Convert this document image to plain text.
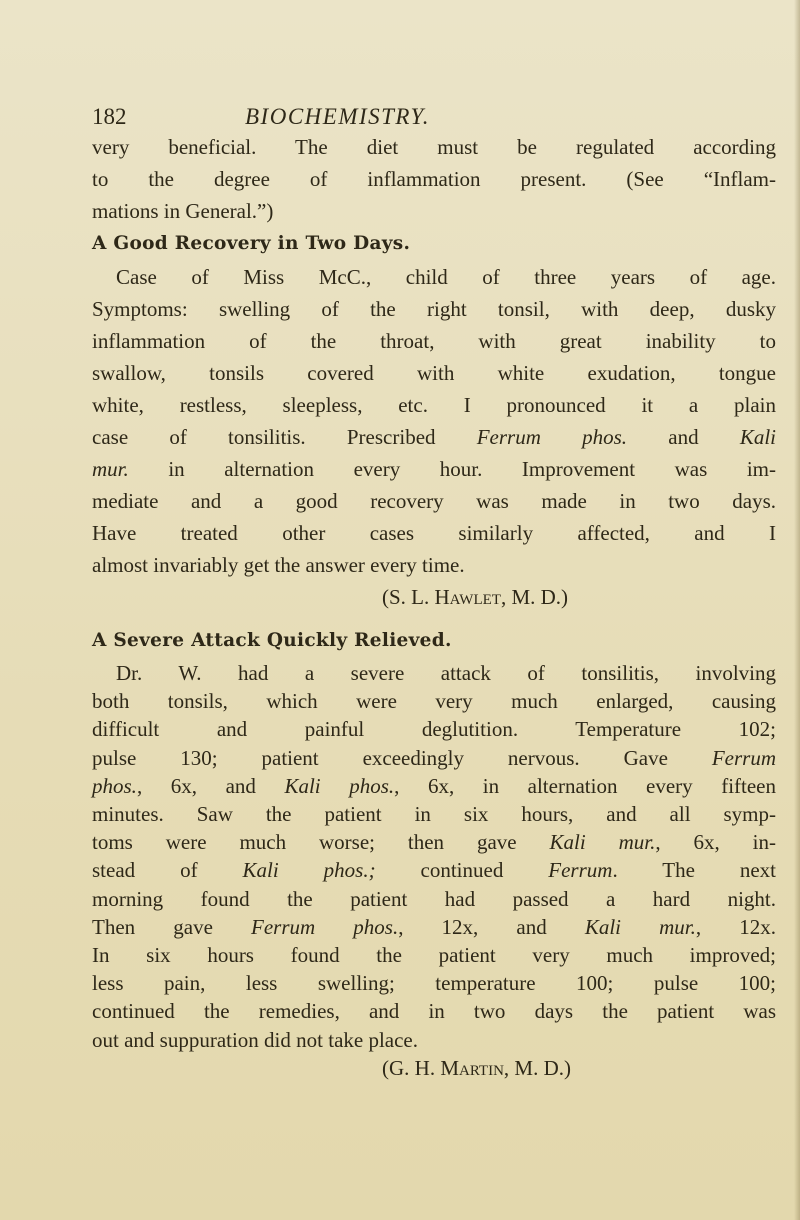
182	BIOCHEMISTRY.
very beneficial. The diet must be regulated according
to the degree of inflammation present. (See “Inflam-
mations in General.”)
A Good Recovery in Two Days.
Case of Miss McC., child of three years of age.
Symptoms: swelling of the right tonsil, with deep, dusky
inflammation of the throat, with great inability to
swallow, tonsils covered with white exudation, tongue
white, restless, sleepless, etc. I pronounced it a plain
case of tonsilitis. Prescribed Ferrum phos. and Kali
mur. in alternation every hour. Improvement was im-
mediate and a good recovery was made in two days.
Have treated other cases similarly affected, and I
almost invariably get the answer every time.
(S. L. Hawlet, M. D.)
A Severe Attack Quickly Relieved.
Dr. W. had a severe attack of tonsilitis, involving
both tonsils, which were very much enlarged, causing
difficult and painful deglutition. Temperature 102;
pulse 130; patient exceedingly nervous. Gave Ferrum
phos., 6x, and Kali phos., 6x, in alternation every fifteen
minutes. Saw the patient in six hours, and all symp-
toms were much worse; then gave Kali mur., 6x, in-
stead of Kali phos.; continued Ferrum. The next
morning found the patient had passed a hard night.
Then gave Ferrum phos., 12x, and Kali mur., 12x.
In six hours found the patient very much improved;
less pain, less swelling; temperature 100; pulse 100;
continued the remedies, and in two days the patient was
out and suppuration did not take place.
(G. H. Martin, M. D.)
